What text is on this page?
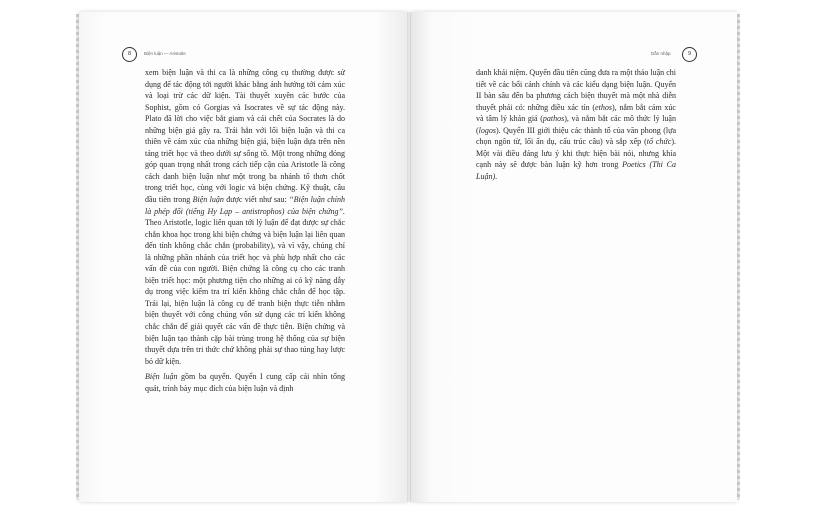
8	Biện luận — Aristotle

xem biện luận và thi ca là những công cụ thường được sử dụng để tác động tới người khác bằng ảnh hưởng tới cảm xúc và loại trừ các dữ kiện. Tài thuyết xuyên các bước của Sophist, gồm có Gorgias và Isocrates về sự tác động này. Plato đã lời cho việc bắt giam và cái chết của Socrates là do những biện giả gây ra. Trái hẳn với lối biện luận và thi ca thiên về cảm xúc của những biện giả, biện luận dựa trên nền tảng triết học và theo dưới sự sống tồ. Một trong những đóng góp quan trọng nhất trong cách tiếp cận của Aristotle là công cách danh biện luận như một trong ba nhánh tổ thơn chốt trong triết học, cùng với logic và biện chứng. Kỹ thuật, câu đầu tiên trong Biện luận được viết như sau: “Biện luận chính là phép đối (tiếng Hy Lạp – antistrophos) của biện chứng”. Theo Aristotle, logic liên quan tới lý luận để đạt được sự chắc chắn khoa học trong khi biện chứng và biện luận lại liên quan đến tính không chắc chắn (probability), và vì vậy, chúng chỉ là những phần nhánh của triết học và phù hợp nhất cho các vấn đề của con người. Biện chứng là công cụ cho các tranh biện triết học: một phương tiện cho những ai có kỹ năng dẫy dụ trong việc kiểm tra trí kiến không chắc chắn để học tập. Trái lại, biện luận là công cụ để tranh biện thực tiễn nhằm biện thuyết với công chúng vốn sử dụng các trí kiến không chắc chắn để giải quyết các vấn đề thực tiễn. Biện chứng và biện luận tạo thành cặp bài trùng trong hệ thống của sự biện thuyết dựa trên tri thức chứ không phải sự thao túng hay lược bỏ dữ kiện.

Biện luận gồm ba quyển. Quyển I cung cấp cái nhìn tổng quát, trình bày mục đích của biện luận và định

9
Dẫn nhập

danh khái niệm. Quyển đầu tiên cũng đưa ra một thảo luận chi tiết về các bối cảnh chính và các kiểu dạng biện luận. Quyển II bàn sâu đến ba phương cách biện thuyết mà một nhà diễn thuyết phải có: những điều xác tín (ethos), nắm bắt cảm xúc và tâm lý khán giả (pathos), và nắm bắt các mô thức lý luận (logos). Quyển III giới thiệu các thành tố của văn phong (lựa chọn ngôn từ, lối ẩn dụ, cấu trúc câu) và sắp xếp (tổ chức). Một vài điều đáng lưu ý khi thực hiện bài nói, nhưng khía cạnh này sẽ được bàn luận kỹ hơn trong Poetics (Thi Ca Luận).
